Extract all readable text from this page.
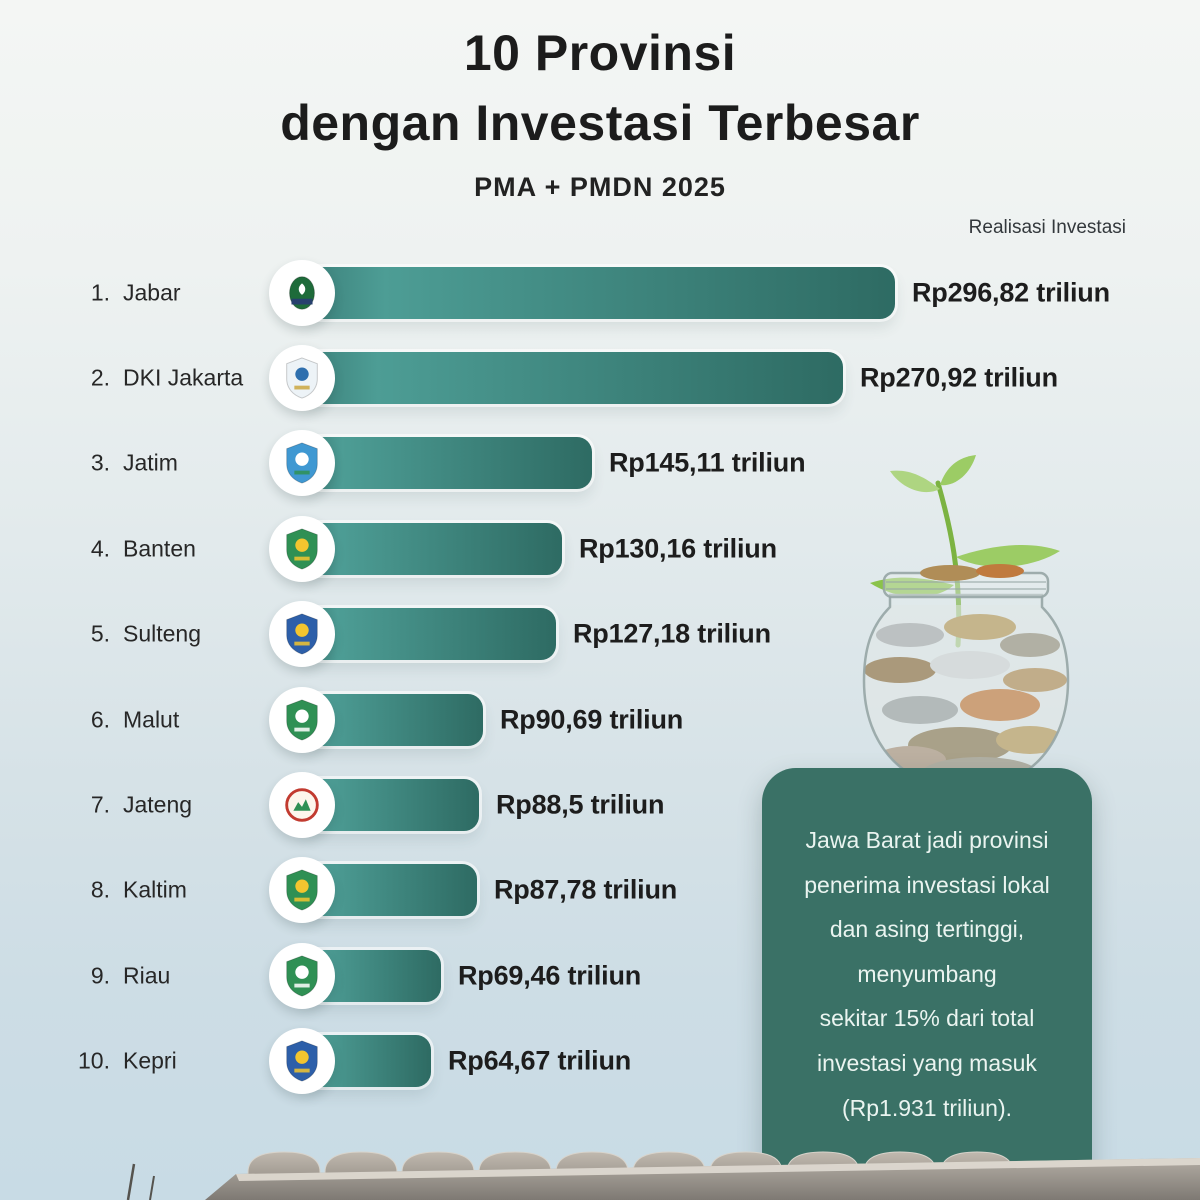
10 Provinsi
dengan Investasi Terbesar
PMA + PMDN 2025
Realisasi Investasi
1. Jabar	Rp296,82 triliun
2. DKI Jakarta	Rp270,92 triliun
3. Jatim	Rp145,11 triliun
4. Banten	Rp130,16 triliun
5. Sulteng	Rp127,18 triliun
6. Malut	Rp90,69 triliun
7. Jateng	Rp88,5 triliun
8. Kaltim	Rp87,78 triliun
9. Riau	Rp69,46 triliun
10. Kepri	Rp64,67 triliun
Jawa Barat jadi provinsi
penerima investasi lokal
dan asing tertinggi,
menyumbang
sekitar 15% dari total
investasi yang masuk
(Rp1.931 triliun).
